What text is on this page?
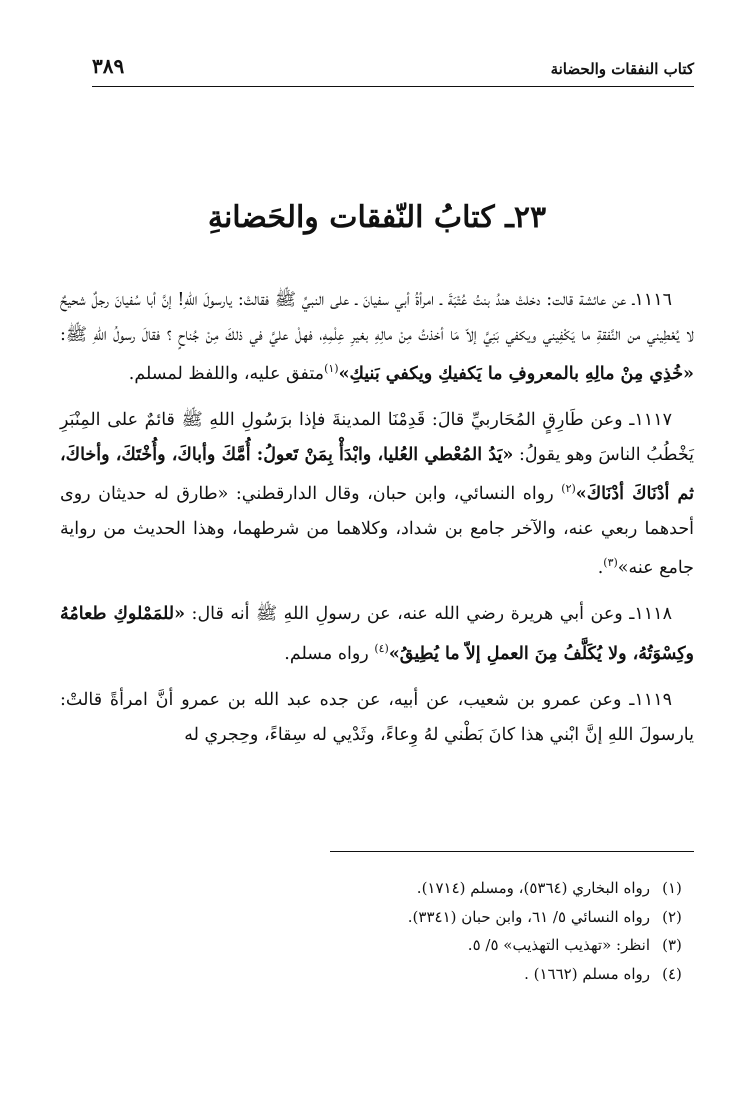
كتاب النفقات والحضانة
٣٨٩
٢٣ـ كتابُ النّفقات والحَضانةِ

١١١٦ـ عن عائشة قالت: دخلتْ هندُ بنتُ عُتْبَةَ ـ امرأةُ أبي سفيانَ ـ على النبيِّ ﷺ فقالتْ: يارسولَ اللهِ! إنَّ أبا سُفيانَ رجلٌ شحيحٌ لا يُعْطِيني من النَّفقةِ ما يَكْفِيني ويكفي بَنِيَّ إلاّ مَا أخذتُ مِنْ مالِهِ بغيرِ عِلْمِهِ، فهلْ عليَّ في ذلكَ مِنْ جُناحٍ ؟ فقالَ رسولُ اللهِ ﷺ: «خُذِي مِنْ مالِهِ بالمعروفِ ما يَكفيكِ ويكفي بَنيكِ»$^{(١)}$متفق عليه، واللفظ لمسلم.

١١١٧ـ وعن طَارِقٍ المُحَاربيِّ قالَ: قَدِمْنَا المدينةَ فإذا برَسُولِ اللهِ ﷺ قائمٌ على المِنْبَرِ يَخْطُبُ الناسَ وهو يقولُ: «يَدُ المُعْطي العُليا، وابْدَأْ بِمَنْ تَعولُ: أُمَّكَ وأباكَ، وأُخْتَكَ، وأخاكَ، ثم أدْنَاكَ أدْنَاكَ»$^{(٢)}$ رواه النسائي، وابن حبان، وقال الدارقطني: «طارق له حديثان روى أحدهما ربعي عنه، والآخر جامع بن شداد، وكلاهما من شرطهما، وهذا الحديث من رواية جامع عنه»$^{(٣)}$.

١١١٨ـ وعن أبي هريرة رضي الله عنه، عن رسولِ اللهِ ﷺ أنه قال: «للمَمْلوكِ طعامُهُ وكِسْوَتُهُ، ولا يُكَلَّفُ مِنَ العملِ إلاّ ما يُطِيقُ»$^{(٤)}$ رواه مسلم.

١١١٩ـ وعن عمرو بن شعيب، عن أبيه، عن جده عبد الله بن عمرو أنَّ امرأةً قالتْ: يارسولَ اللهِ إنَّ ابْني هذا كانَ بَطْني لهُ وِعاءً، وثَدْيي له سِقاءً، وحِجري له

(١)
رواه البخاري (٥٣٦٤)، ومسلم (١٧١٤).
(٢)
رواه النسائي ٥/ ٦١، وابن حبان (٣٣٤١).
(٣)
انظر: «تهذيب التهذيب» ٥/ ٥.
(٤)
رواه مسلم (١٦٦٢) .
